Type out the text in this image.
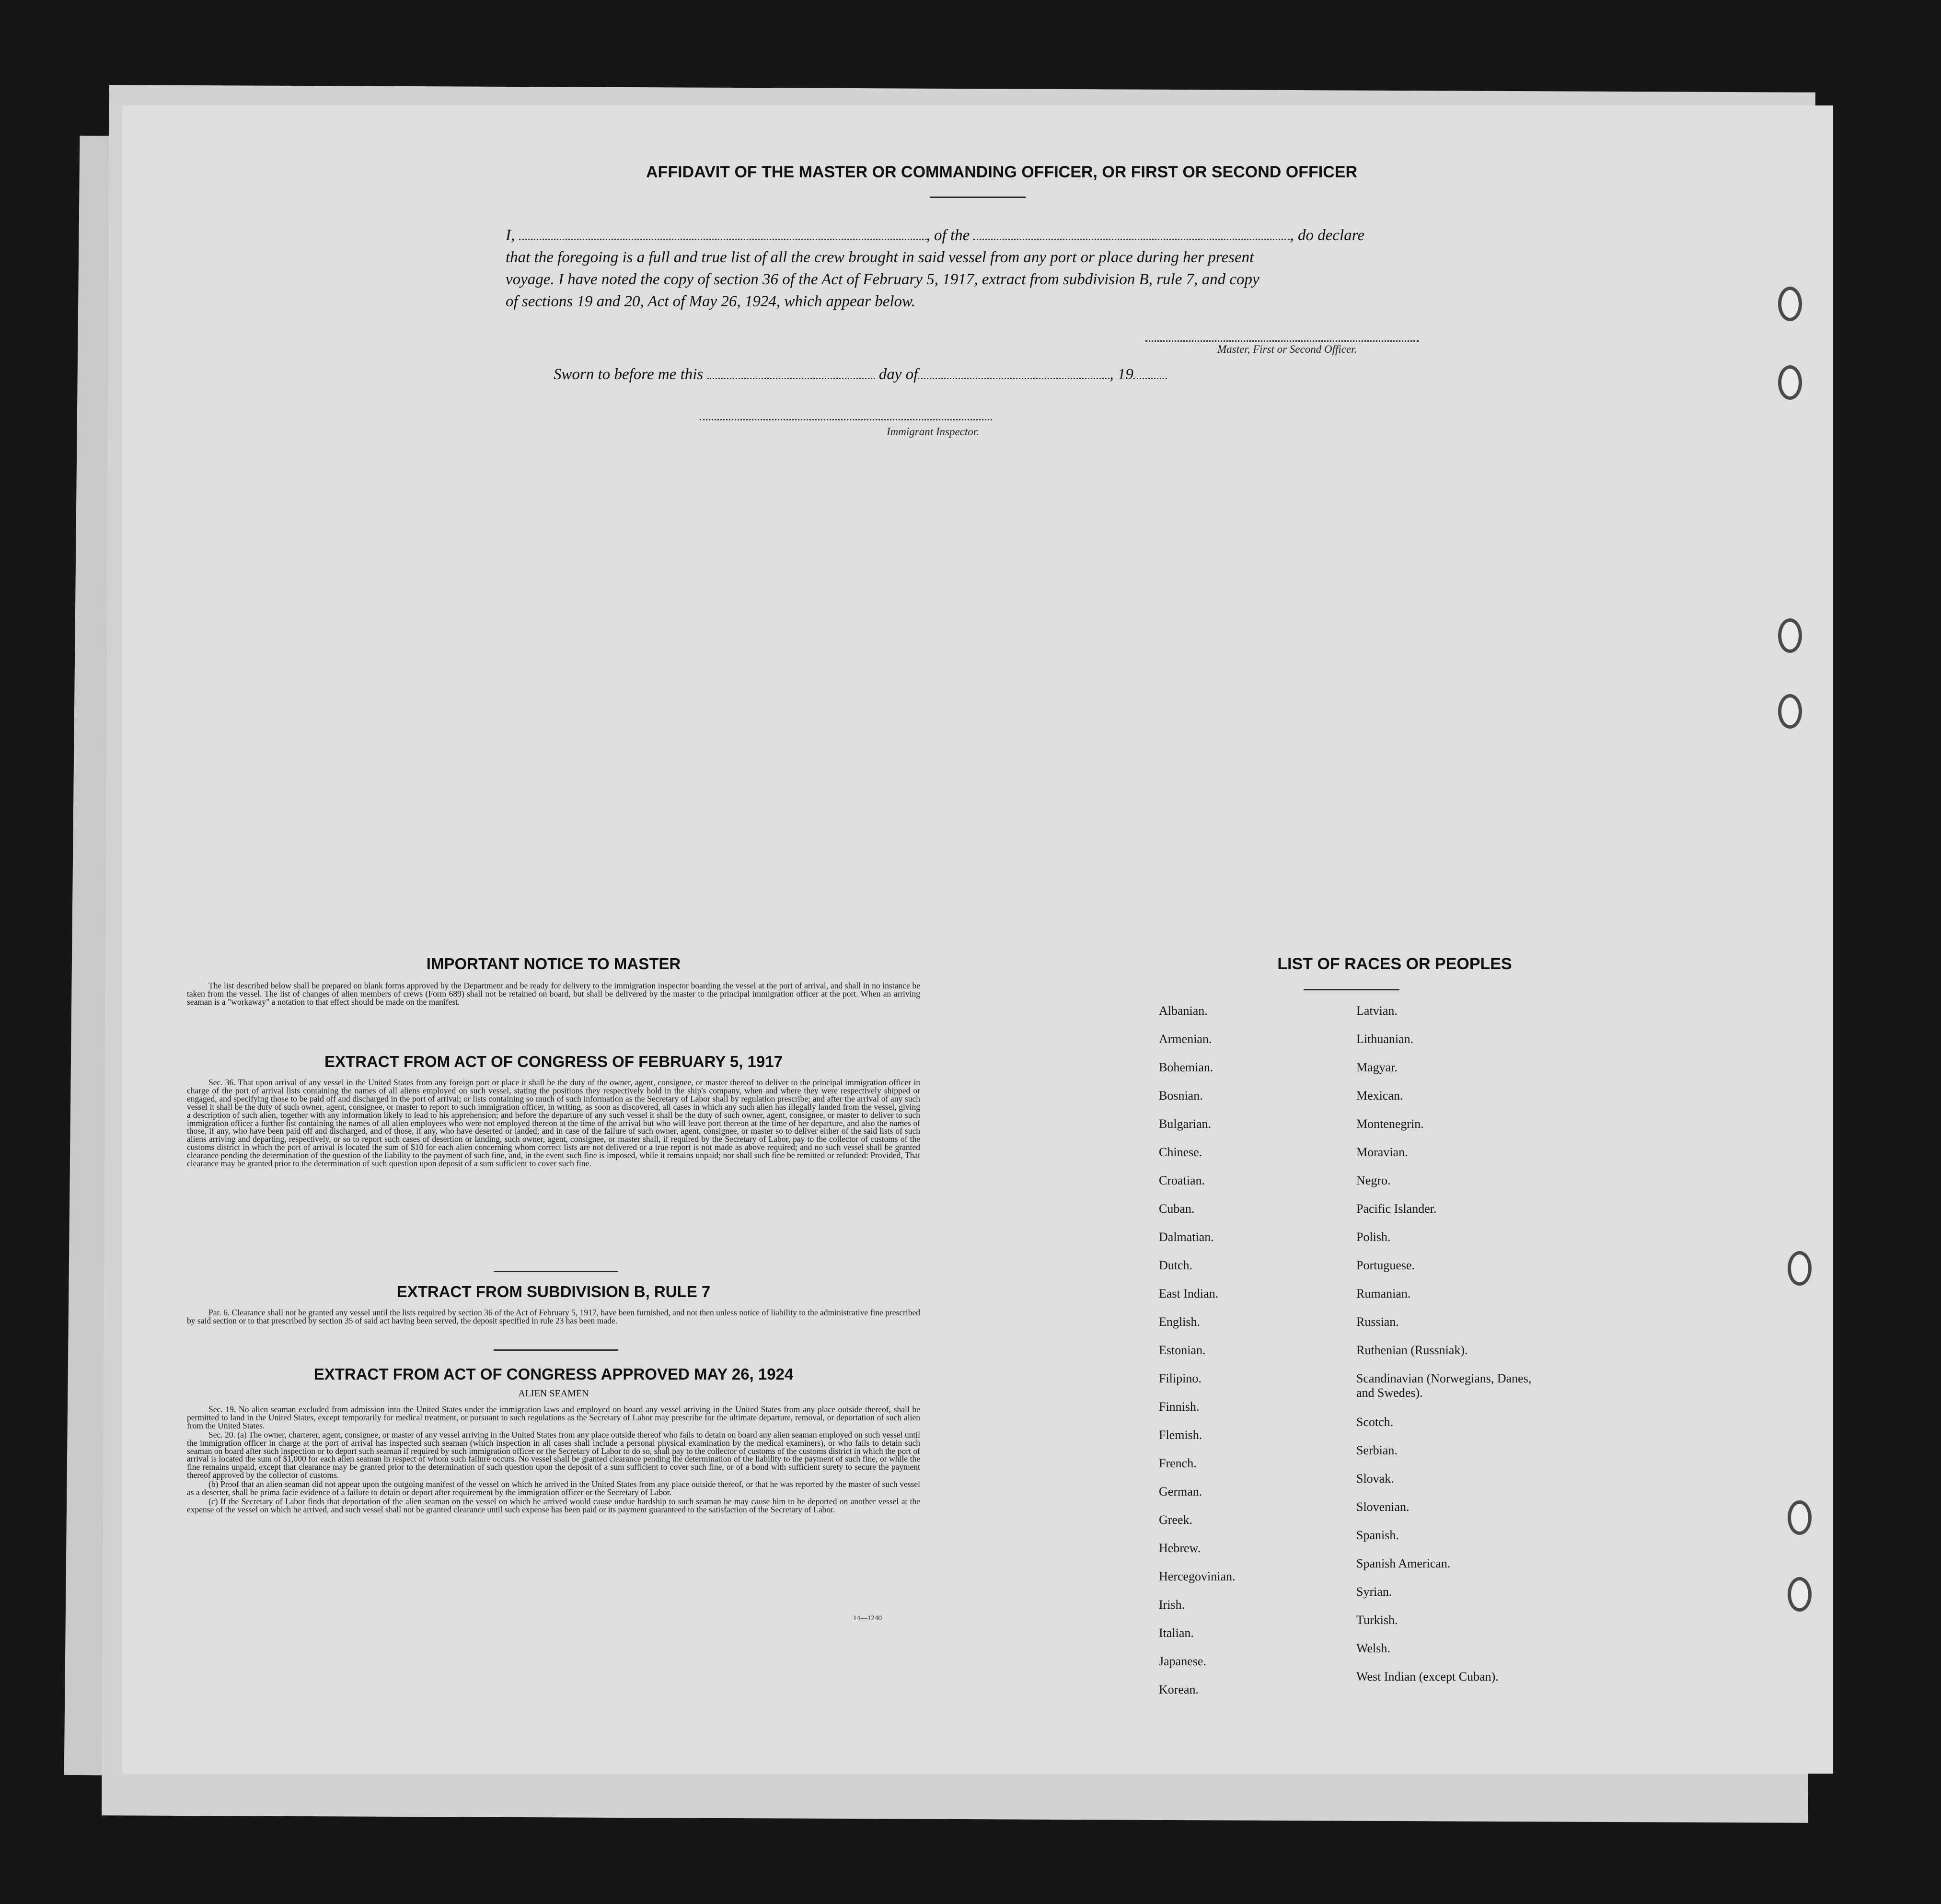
AFFIDAVIT OF THE MASTER OR COMMANDING OFFICER, OR FIRST OR SECOND OFFICER
I,	, of the	, do declare
that the foregoing is a full and true list of all the crew brought in said vessel from any port or place during her present
voyage. I have noted the copy of section 36 of the Act of February 5, 1917, extract from subdivision B, rule 7, and copy
of sections 19 and 20, Act of May 26, 1924, which appear below.
Master, First or Second Officer.
Sworn to before me this	day of	, 19
Immigrant Inspector.
IMPORTANT NOTICE TO MASTER

The list described below shall be prepared on blank forms approved by the Department and be ready for delivery to the immigration inspector boarding the vessel at the port of arrival, and shall in no instance be taken from the vessel. The list of changes of alien members of crews (Form 689) shall not be retained on board, but shall be delivered by the master to the principal immigration officer at the port. When an arriving seaman is a "workaway" a notation to that effect should be made on the manifest.

EXTRACT FROM ACT OF CONGRESS OF FEBRUARY 5, 1917

Sec. 36. That upon arrival of any vessel in the United States from any foreign port or place it shall be the duty of the owner, agent, consignee, or master thereof to deliver to the principal immigration officer in charge of the port of arrival lists containing the names of all aliens employed on such vessel, stating the positions they respectively hold in the ship's company, when and where they were respectively shipped or engaged, and specifying those to be paid off and discharged in the port of arrival; or lists containing so much of such information as the Secretary of Labor shall by regulation prescribe; and after the arrival of any such vessel it shall be the duty of such owner, agent, consignee, or master to report to such immigration officer, in writing, as soon as discovered, all cases in which any such alien has illegally landed from the vessel, giving a description of such alien, together with any information likely to lead to his apprehension; and before the departure of any such vessel it shall be the duty of such owner, agent, consignee, or master to deliver to such immigration officer a further list containing the names of all alien employees who were not employed thereon at the time of the arrival but who will leave port thereon at the time of her departure, and also the names of those, if any, who have been paid off and discharged, and of those, if any, who have deserted or landed; and in case of the failure of such owner, agent, consignee, or master so to deliver either of the said lists of such aliens arriving and departing, respectively, or so to report such cases of desertion or landing, such owner, agent, consignee, or master shall, if required by the Secretary of Labor, pay to the collector of customs of the customs district in which the port of arrival is located the sum of $10 for each alien concerning whom correct lists are not delivered or a true report is not made as above required; and no such vessel shall be granted clearance pending the determination of the question of the liability to the payment of such fine, and, in the event such fine is imposed, while it remains unpaid; nor shall such fine be remitted or refunded: Provided, That clearance may be granted prior to the determination of such question upon deposit of a sum sufficient to cover such fine.

EXTRACT FROM SUBDIVISION B, RULE 7

Par. 6. Clearance shall not be granted any vessel until the lists required by section 36 of the Act of February 5, 1917, have been furnished, and not then unless notice of liability to the administrative fine prescribed by said section or to that prescribed by section 35 of said act having been served, the deposit specified in rule 23 has been made.

EXTRACT FROM ACT OF CONGRESS APPROVED MAY 26, 1924
ALIEN SEAMEN

Sec. 19. No alien seaman excluded from admission into the United States under the immigration laws and employed on board any vessel arriving in the United States from any place outside thereof, shall be permitted to land in the United States, except temporarily for medical treatment, or pursuant to such regulations as the Secretary of Labor may prescribe for the ultimate departure, removal, or deportation of such alien from the United States.

Sec. 20. (a) The owner, charterer, agent, consignee, or master of any vessel arriving in the United States from any place outside thereof who fails to detain on board any alien seaman employed on such vessel until the immigration officer in charge at the port of arrival has inspected such seaman (which inspection in all cases shall include a personal physical examination by the medical examiners), or who fails to detain such seaman on board after such inspection or to deport such seaman if required by such immigration officer or the Secretary of Labor to do so, shall pay to the collector of customs of the customs district in which the port of arrival is located the sum of $1,000 for each alien seaman in respect of whom such failure occurs. No vessel shall be granted clearance pending the determination of the liability to the payment of such fine, or while the fine remains unpaid, except that clearance may be granted prior to the determination of such question upon the deposit of a sum sufficient to cover such fine, or of a bond with sufficient surety to secure the payment thereof approved by the collector of customs.

(b) Proof that an alien seaman did not appear upon the outgoing manifest of the vessel on which he arrived in the United States from any place outside thereof, or that he was reported by the master of such vessel as a deserter, shall be prima facie evidence of a failure to detain or deport after requirement by the immigration officer or the Secretary of Labor.

(c) If the Secretary of Labor finds that deportation of the alien seaman on the vessel on which he arrived would cause undue hardship to such seaman he may cause him to be deported on another vessel at the expense of the vessel on which he arrived, and such vessel shall not be granted clearance until such expense has been paid or its payment guaranteed to the satisfaction of the Secretary of Labor.

14—1240
LIST OF RACES OR PEOPLES
Albanian.
Armenian.
Bohemian.
Bosnian.
Bulgarian.
Chinese.
Croatian.
Cuban.
Dalmatian.
Dutch.
East Indian.
English.
Estonian.
Filipino.
Finnish.
Flemish.
French.
German.
Greek.
Hebrew.
Hercegovinian.
Irish.
Italian.
Japanese.
Korean.
Latvian.
Lithuanian.
Magyar.
Mexican.
Montenegrin.
Moravian.
Negro.
Pacific Islander.
Polish.
Portuguese.
Rumanian.
Russian.
Ruthenian (Russniak).
Scandinavian (Norwegians, Danes, and Swedes).
Scotch.
Serbian.
Slovak.
Slovenian.
Spanish.
Spanish American.
Syrian.
Turkish.
Welsh.
West Indian (except Cuban).
